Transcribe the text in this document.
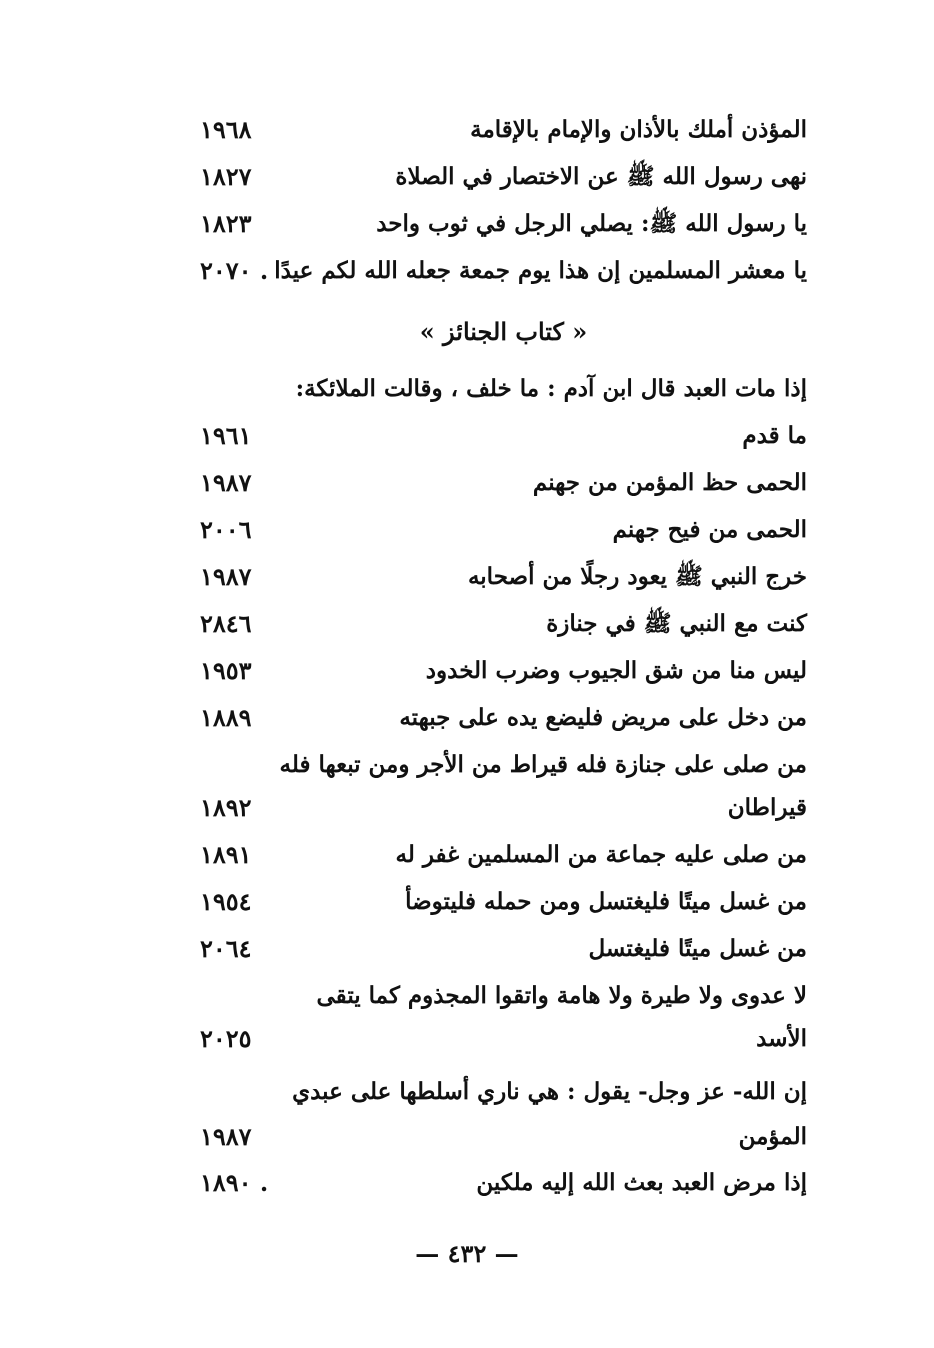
المؤذن أملك بالأذان والإمام بالإقامة
١٩٦٨
نهى رسول الله ﷺ عن الاختصار في الصلاة
١٨٢٧
يا رسول الله ﷺ: يصلي الرجل في ثوب واحد
١٨٢٣
يا معشر المسلمين إن هذا يوم جمعة جعله الله لكم عيدًا
٢٠٧٠ .
« كتاب الجنائز »
إذا مات العبد قال ابن آدم : ما خلف ، وقالت الملائكة:
ما قدم
١٩٦١
الحمى حظ المؤمن من جهنم
١٩٨٧
الحمى من فيح جهنم
٢٠٠٦
خرج النبي ﷺ يعود رجلًا من أصحابه
١٩٨٧
كنت مع النبي ﷺ في جنازة
٢٨٤٦
ليس منا من شق الجيوب وضرب الخدود
١٩٥٣
من دخل على مريض فليضع يده على جبهته
١٨٨٩
من صلى على جنازة فله قيراط من الأجر ومن تبعها فله
قيراطان
١٨٩٢
من صلى عليه جماعة من المسلمين غفر له
١٨٩١
من غسل ميتًا فليغتسل ومن حمله فليتوضأ
١٩٥٤
من غسل ميتًا فليغتسل
٢٠٦٤
لا عدوى ولا طيرة ولا هامة واتقوا المجذوم كما يتقى
الأسد
٢٠٢٥
إن الله- عز وجل- يقول : هي ناري أسلطها على عبدي
المؤمن
١٩٨٧
إذا مرض العبد بعث الله إليه ملكين
١٨٩٠ .
— ٤٣٢ —
